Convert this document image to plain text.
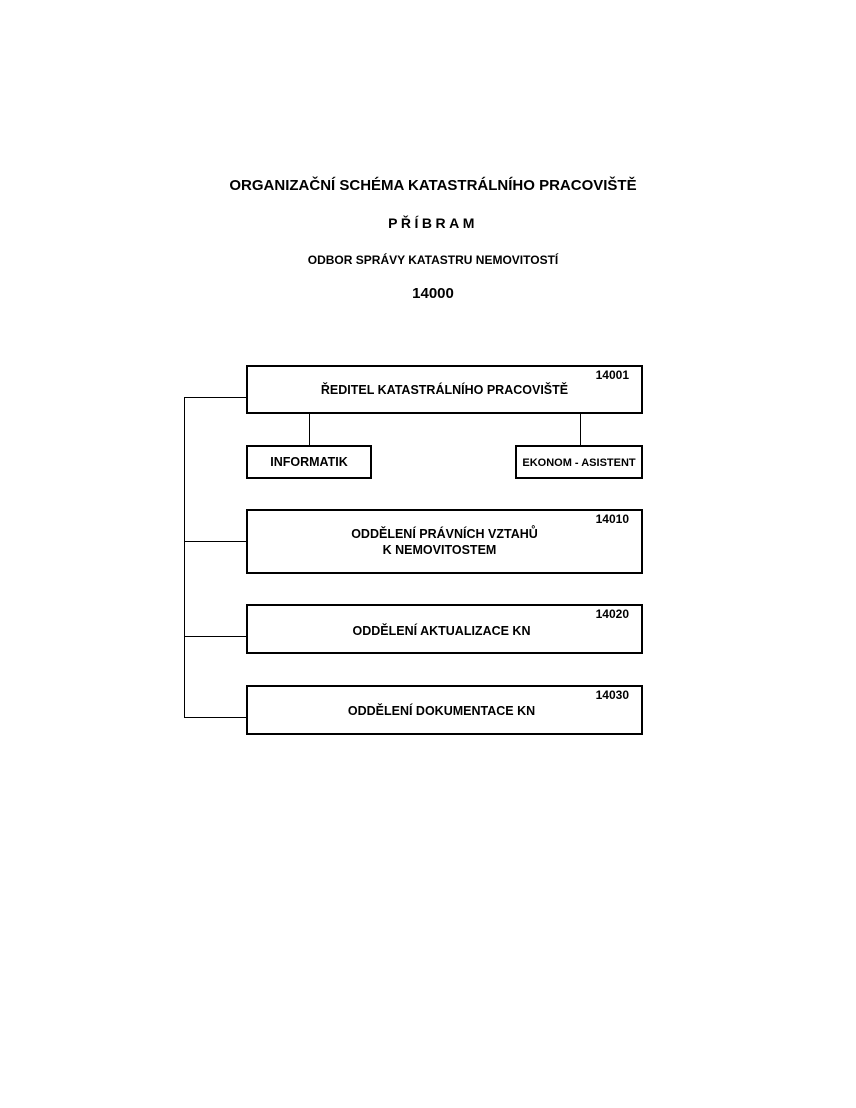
ORGANIZAČNÍ SCHÉMA KATASTRÁLNÍHO PRACOVIŠTĚ
PŘÍBRAM
ODBOR SPRÁVY KATASTRU NEMOVITOSTÍ
14000
14001
ŘEDITEL KATASTRÁLNÍHO PRACOVIŠTĚ
INFORMATIK	EKONOM - ASISTENT
14010
ODDĚLENÍ PRÁVNÍCH VZTAHŮ
K NEMOVITOSTEM
14020
ODDĚLENÍ AKTUALIZACE KN
14030
ODDĚLENÍ DOKUMENTACE KN
